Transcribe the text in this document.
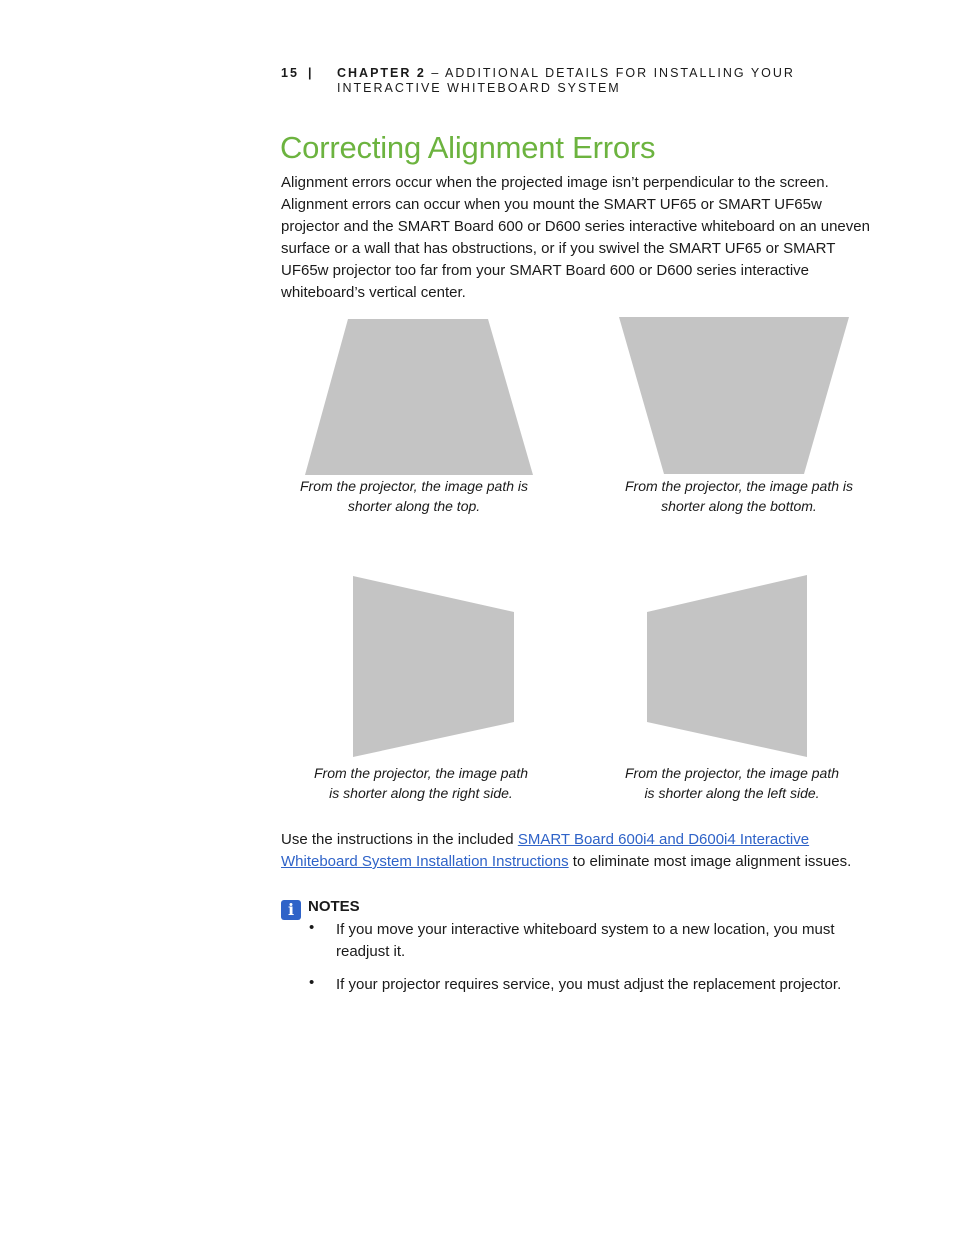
15 | CHAPTER 2 – ADDITIONAL DETAILS FOR INSTALLING YOUR INTERACTIVE WHITEBOARD SYSTEM
Correcting Alignment Errors

Alignment errors occur when the projected image isn’t perpendicular to the screen. Alignment errors can occur when you mount the SMART UF65 or SMART UF65w projector and the SMART Board 600 or D600 series interactive whiteboard on an uneven surface or a wall that has obstructions, or if you swivel the SMART UF65 or SMART UF65w projector too far from your SMART Board 600 or D600 series interactive whiteboard’s vertical center.

From the projector, the image path is
shorter along the top.
From the projector, the image path is
shorter along the bottom.
From the projector, the image path
is shorter along the right side.
From the projector, the image path
is shorter along the left side.

Use the instructions in the included SMART Board 600i4 and D600i4 Interactive Whiteboard System Installation Instructions to eliminate most image alignment issues.

i NOTES
• If you move your interactive whiteboard system to a new location, you must readjust it.
• If your projector requires service, you must adjust the replacement projector.
